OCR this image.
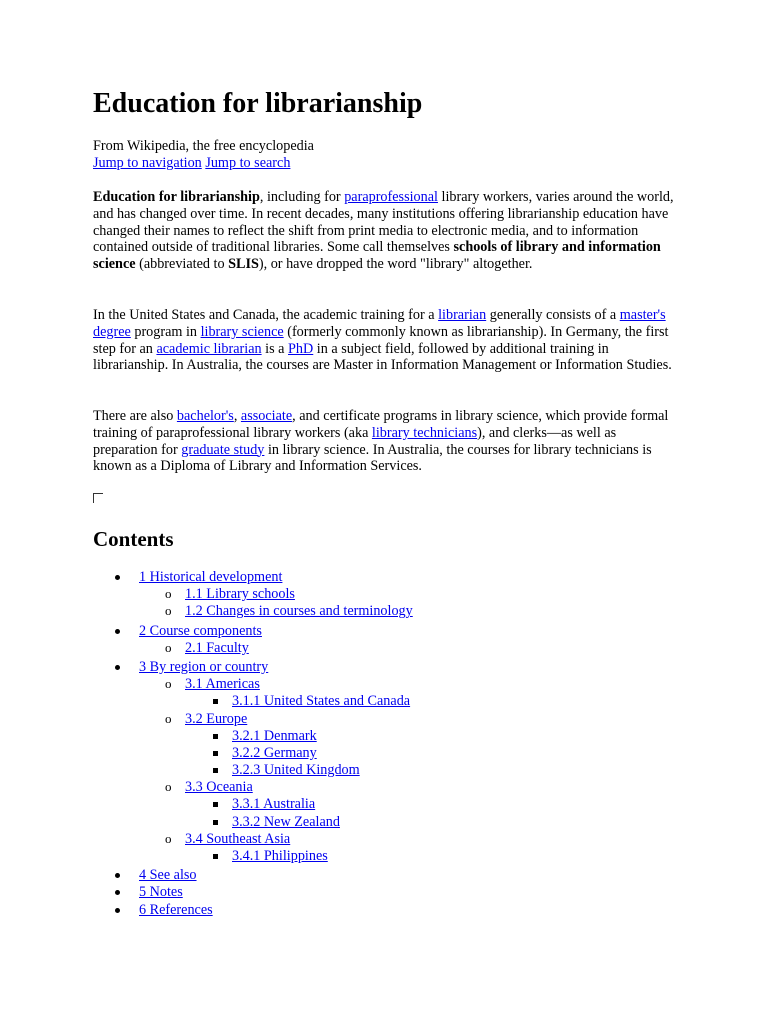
Education for librarianship
From Wikipedia, the free encyclopedia
Jump to navigation Jump to search

Education for librarianship, including for paraprofessional library workers, varies around the world, and has changed over time. In recent decades, many institutions offering librarianship education have changed their names to reflect the shift from print media to electronic media, and to information contained outside of traditional libraries. Some call themselves schools of library and information science (abbreviated to SLIS), or have dropped the word "library" altogether.

In the United States and Canada, the academic training for a librarian generally consists of a master's degree program in library science (formerly commonly known as librarianship). In Germany, the first step for an academic librarian is a PhD in a subject field, followed by additional training in librarianship. In Australia, the courses are Master in Information Management or Information Studies.

There are also bachelor's, associate, and certificate programs in library science, which provide formal training of paraprofessional library workers (aka library technicians), and clerks—as well as preparation for graduate study in library science. In Australia, the courses for library technicians is known as a Diploma of Library and Information Services.

Contents
1 Historical development
o 1.1 Library schools
o 1.2 Changes in courses and terminology
2 Course components
o 2.1 Faculty
3 By region or country
o 3.1 Americas
3.1.1 United States and Canada
o 3.2 Europe
3.2.1 Denmark
3.2.2 Germany
3.2.3 United Kingdom
o 3.3 Oceania
3.3.1 Australia
3.3.2 New Zealand
o 3.4 Southeast Asia
3.4.1 Philippines
4 See also
5 Notes
6 References
